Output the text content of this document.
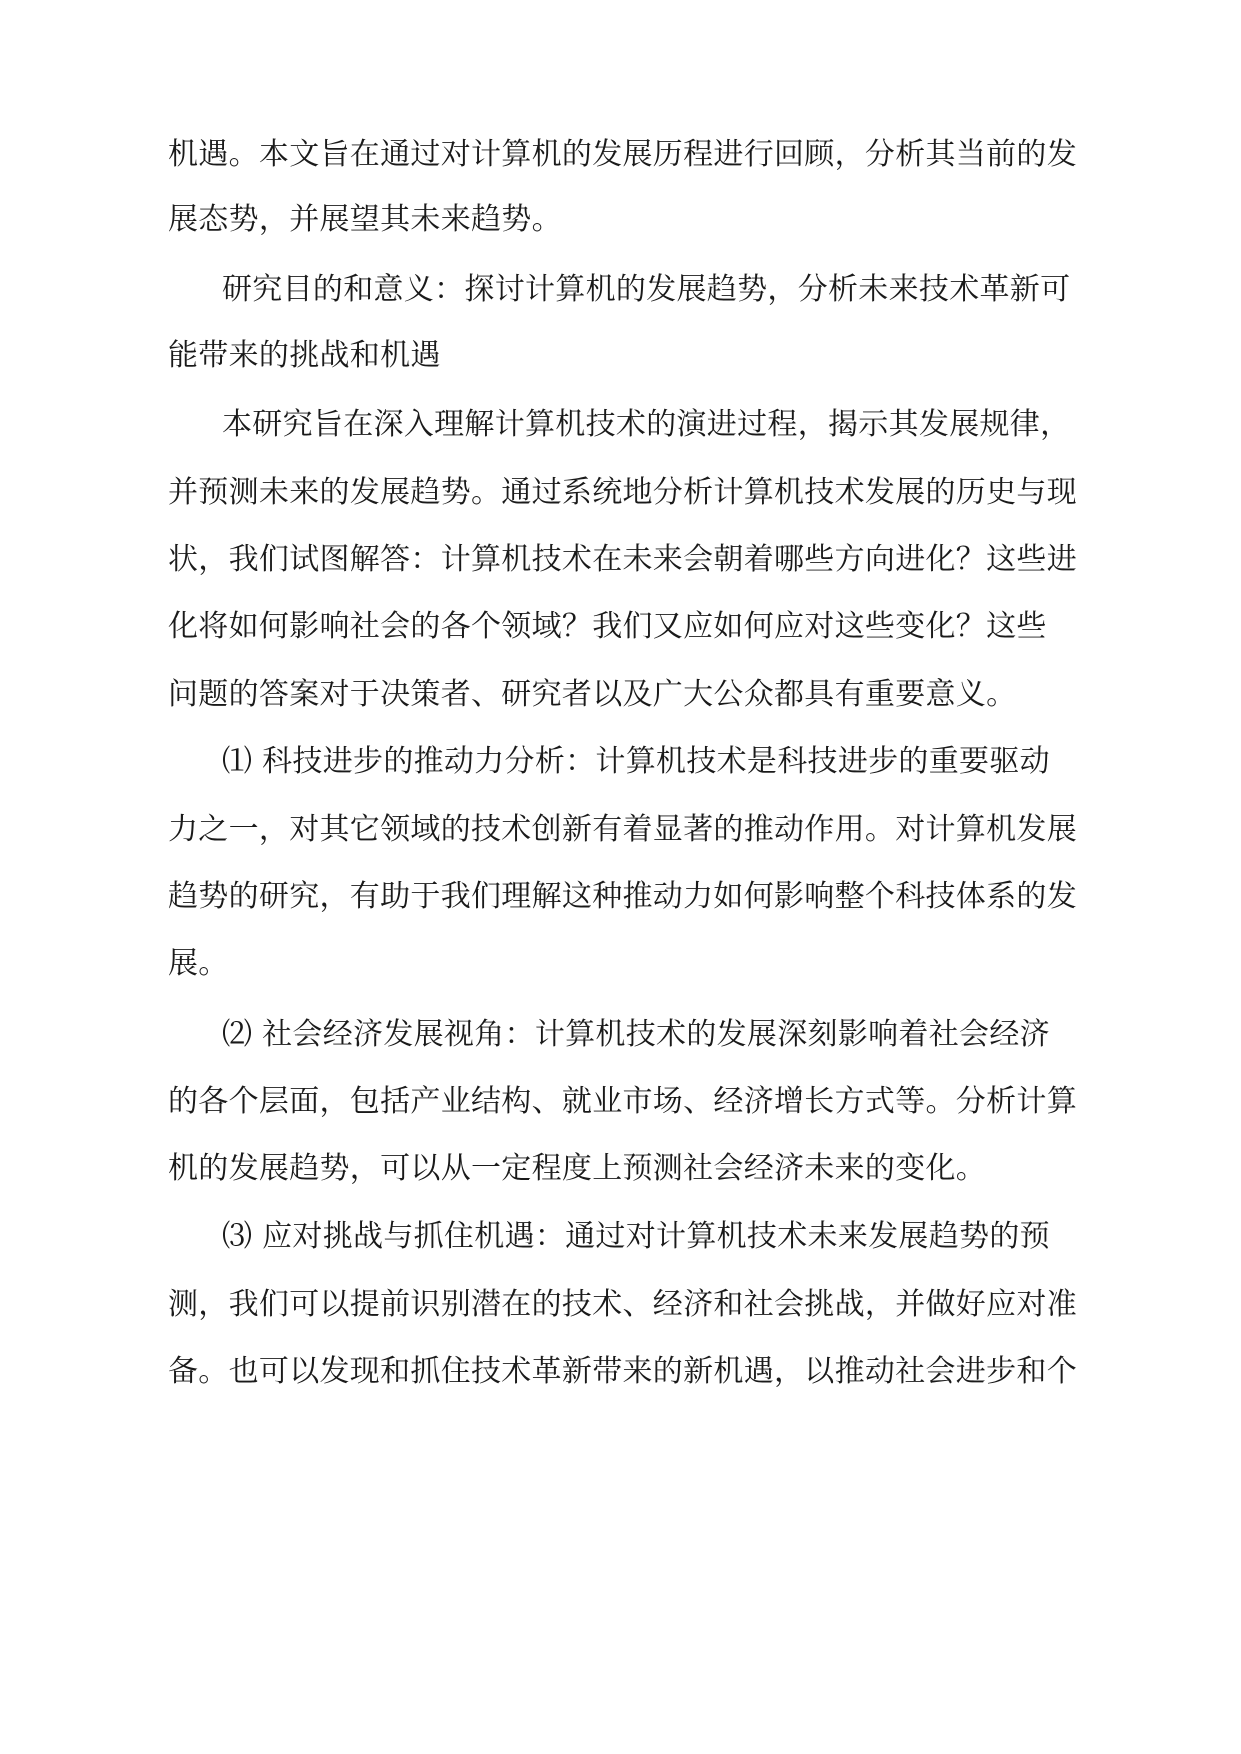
机遇。本文旨在通过对计算机的发展历程进行回顾，分析其当前的发
展态势，并展望其未来趋势。
研究目的和意义：探讨计算机的发展趋势，分析未来技术革新可
能带来的挑战和机遇
本研究旨在深入理解计算机技术的演进过程，揭示其发展规律，
并预测未来的发展趋势。通过系统地分析计算机技术发展的历史与现
状，我们试图解答：计算机技术在未来会朝着哪些方向进化？这些进
化将如何影响社会的各个领域？我们又应如何应对这些变化？这些
问题的答案对于决策者、研究者以及广大公众都具有重要意义。
⑴ 科技进步的推动力分析：计算机技术是科技进步的重要驱动
力之一，对其它领域的技术创新有着显著的推动作用。对计算机发展
趋势的研究，有助于我们理解这种推动力如何影响整个科技体系的发
展。
⑵ 社会经济发展视角：计算机技术的发展深刻影响着社会经济
的各个层面，包括产业结构、就业市场、经济增长方式等。分析计算
机的发展趋势，可以从一定程度上预测社会经济未来的变化。
⑶ 应对挑战与抓住机遇：通过对计算机技术未来发展趋势的预
测，我们可以提前识别潜在的技术、经济和社会挑战，并做好应对准
备。也可以发现和抓住技术革新带来的新机遇，以推动社会进步和个
